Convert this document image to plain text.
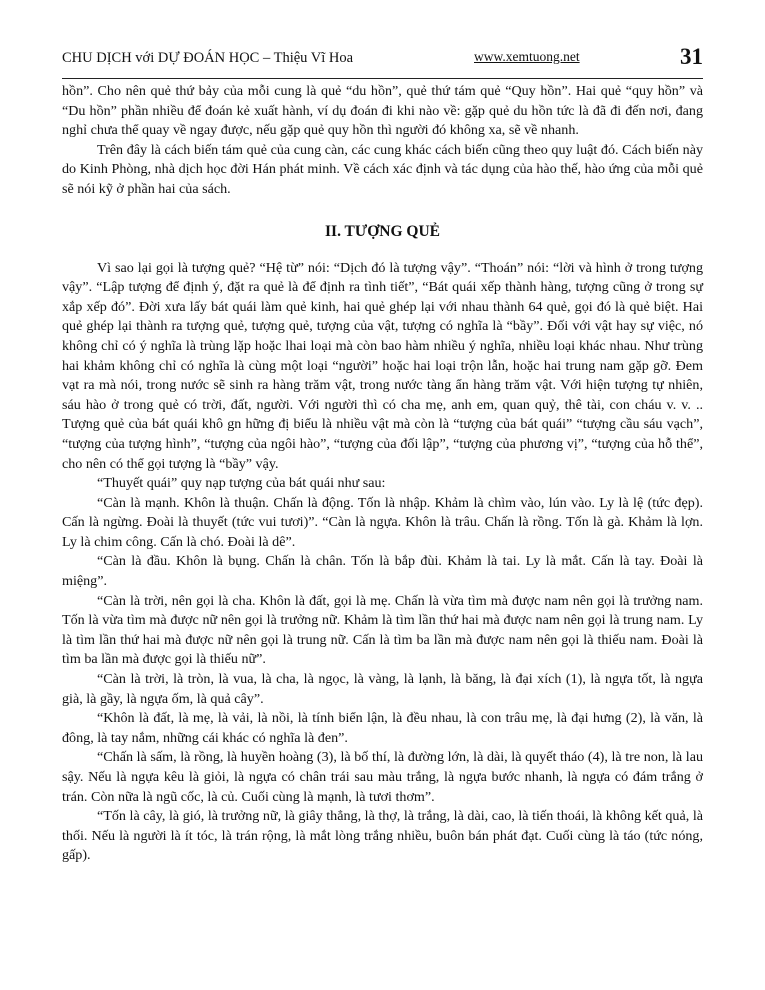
CHU DỊCH với DỰ ĐOÁN HỌC – Thiệu Vĩ Hoa	www.xemtuong.net	31

hồn”. Cho nên quẻ thứ bảy của mỗi cung là quẻ “du hồn”, quẻ thứ tám quẻ “Quy hồn”. Hai quẻ “quy hồn” và “Du hồn” phần nhiều để đoán kẻ xuất hành, ví dụ đoán đi khi nào về: gặp quẻ du hồn tức là đã đi đến nơi, đang nghỉ chưa thể quay về ngay được, nếu gặp quẻ quy hồn thì người đó không xa, sẽ về nhanh.

Trên đây là cách biến tám quẻ của cung càn, các cung khác cách biến cũng theo quy luật đó. Cách biến này do Kinh Phòng, nhà dịch học đời Hán phát minh. Về cách xác định và tác dụng của hào thế, hào ứng của mỗi quẻ sẽ nói kỹ ở phần hai của sách.

II. TƯỢNG QUẺ

Vì sao lại gọi là tượng quẻ? “Hệ từ” nói: “Dịch đó là tượng vậy”. “Thoán” nói: “lời và hình ở trong tượng vậy”. “Lập tượng để định ý, đặt ra quẻ là để định ra tình tiết”, “Bát quái xếp thành hàng, tượng cũng ở trong sự xắp xếp đó”. Đời xưa lấy bát quái làm quẻ kinh, hai quẻ ghép lại với nhau thành 64 quẻ, gọi đó là quẻ biệt. Hai quẻ ghép lại thành ra tượng quẻ, tượng quẻ, tượng của vật, tượng có nghĩa là “bầy”. Đối với vật hay sự việc, nó không chỉ có ý nghĩa là trùng lặp hoặc lhai loại mà còn bao hàm nhiều ý nghĩa, nhiều loại khác nhau. Như trùng hai khảm không chỉ có nghĩa là cùng một loại “người” hoặc hai loại trộn lẫn, hoặc hai trung nam gặp gỡ. Đem vạt ra mà nói, trong nước sẽ sinh ra hàng trăm vật, trong nước tàng ẩn hàng trăm vật. Với hiện tượng tự nhiên, sáu hào ở trong quẻ có trời, đất, người. Với người thì có cha mẹ, anh em, quan quỷ, thê tài, con cháu v. v. .. Tượng quẻ của bát quái khô gn hững đị biểu là nhiều vật mà còn là “tượng của bát quái” “tượng cầu sáu vạch”, “tượng của tượng hình”, “tượng của ngôi hào”, “tượng của đối lập”, “tượng của phương vị”, “tượng của hỗ thể”, cho nên có thể gọi tượng là “bầy” vậy.

“Thuyết quái” quy nạp tượng của bát quái như sau:

“Càn là mạnh. Khôn là thuận. Chấn là động. Tốn là nhập. Khảm là chìm vào, lún vào. Ly là lệ (tức đẹp). Cấn là ngừng. Đoài là thuyết (tức vui tươi)”. “Càn là ngựa. Khôn là trâu. Chấn là rồng. Tốn là gà. Khảm là lợn. Ly là chim công. Cấn là chó. Đoài là dê”.

“Càn là đầu. Khôn là bụng. Chấn là chân. Tốn là bắp đùi. Khảm là tai. Ly là mắt. Cấn là tay. Đoài là miệng”.

“Càn là trời, nên gọi là cha. Khôn là đất, gọi là mẹ. Chấn là vừa tìm mà được nam nên gọi là trưởng nam. Tốn là vừa tìm mà được nữ nên gọi là trưởng nữ. Khảm là tìm lần thứ hai mà được nam nên gọi là trung nam. Ly là tìm lần thứ hai mà được nữ nên gọi là trung nữ. Cấn là tìm ba lần mà được nam nên gọi là thiếu nam. Đoài là tìm ba lần mà được gọi là thiếu nữ”.

“Càn là trời, là tròn, là vua, là cha, là ngọc, là vàng, là lạnh, là băng, là đại xích (1), là ngựa tốt, là ngựa già, là gầy, là ngựa ốm, là quả cây”.

“Khôn là đất, là mẹ, là vải, là nồi, là tính biển lận, là đều nhau, là con trâu mẹ, là đại hưng (2), là văn, là đông, là tay nắm, những cái khác có nghĩa là đen”.

“Chấn là sấm, là rồng, là huyền hoàng (3), là bố thí, là đường lớn, là dài, là quyết tháo (4), là tre non, là lau sậy. Nếu là ngựa kêu là giỏi, là ngựa có chân trái sau màu trắng, là ngựa bước nhanh, là ngựa có đám trắng ở trán. Còn nữa là ngũ cốc, là củ. Cuối cùng là mạnh, là tươi thơm”.

“Tốn là cây, là gió, là trưởng nữ, là giây thẳng, là thợ, là trắng, là dài, cao, là tiến thoái, là không kết quả, là thối. Nếu là người là ít tóc, là trán rộng, là mắt lòng trắng nhiều, buôn bán phát đạt. Cuối cùng là táo (tức nóng, gấp).
